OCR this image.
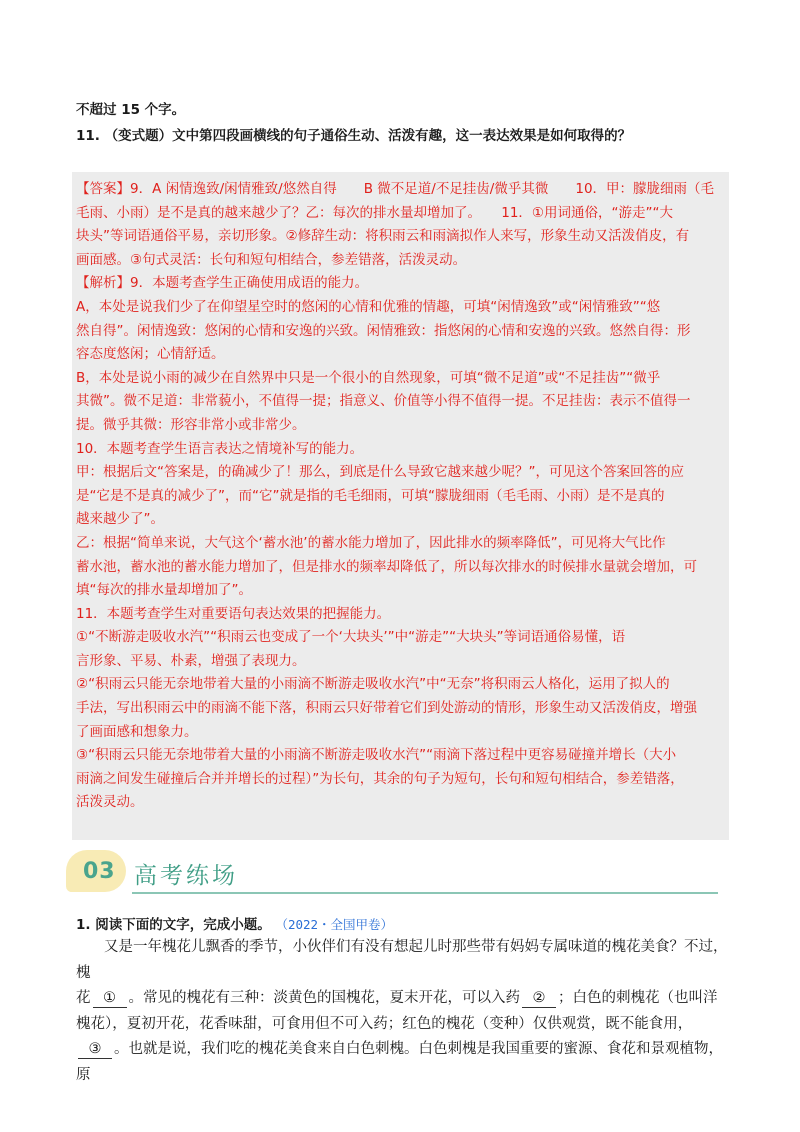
不超过 15 个字。
11. （变式题）文中第四段画横线的句子通俗生动、活泼有趣，这一表达效果是如何取得的？

【答案】9．A 闲情逸致/闲情雅致/悠然自得　　B 微不足道/不足挂齿/微乎其微　　10．甲：朦胧细雨（毛

毛雨、小雨）是不是真的越来越少了？乙：每次的排水量却增加了。　　11．①用词通俗，“游走”“大

块头”等词语通俗平易，亲切形象。②修辞生动：将积雨云和雨滴拟作人来写，形象生动又活泼俏皮，有

画面感。③句式灵活：长句和短句相结合，参差错落，活泼灵动。

【解析】9．本题考查学生正确使用成语的能力。

A，本处是说我们少了在仰望星空时的悠闲的心情和优雅的情趣，可填“闲情逸致”或“闲情雅致”“悠

然自得”。闲情逸致：悠闲的心情和安逸的兴致。闲情雅致：指悠闲的心情和安逸的兴致。悠然自得：形

容态度悠闲；心情舒适。

B，本处是说小雨的减少在自然界中只是一个很小的自然现象，可填“微不足道”或“不足挂齿”“微乎

其微”。微不足道：非常藐小，不值得一提；指意义、价值等小得不值得一提。不足挂齿：表示不值得一

提。微乎其微：形容非常小或非常少。

10．本题考查学生语言表达之情境补写的能力。

甲：根据后文“答案是，的确减少了！那么，到底是什么导致它越来越少呢？”，可见这个答案回答的应

是“它是不是真的减少了”，而“它”就是指的毛毛细雨，可填“朦胧细雨（毛毛雨、小雨）是不是真的

越来越少了”。

乙：根据“简单来说，大气这个‘蓄水池’的蓄水能力增加了，因此排水的频率降低”，可见将大气比作

蓄水池，蓄水池的蓄水能力增加了，但是排水的频率却降低了，所以每次排水的时候排水量就会增加，可

填“每次的排水量却增加了”。

11．本题考查学生对重要语句表达效果的把握能力。

①“不断游走吸收水汽”“积雨云也变成了一个‘大块头’”中“游走”“大块头”等词语通俗易懂，语

言形象、平易、朴素，增强了表现力。

②“积雨云只能无奈地带着大量的小雨滴不断游走吸收水汽”中“无奈”将积雨云人格化，运用了拟人的

手法，写出积雨云中的雨滴不能下落，积雨云只好带着它们到处游动的情形，形象生动又活泼俏皮，增强

了画面感和想象力。

③“积雨云只能无奈地带着大量的小雨滴不断游走吸收水汽”“雨滴下落过程中更容易碰撞并增长（大小

雨滴之间发生碰撞后合并并增长的过程）”为长句，其余的句子为短句，长句和短句相结合，参差错落，

活泼灵动。

03 高考练场
1. 阅读下面的文字，完成小题。 （2022・全国甲卷）

又是一年槐花儿飘香的季节，小伙伴们有没有想起儿时那些带有妈妈专属味道的槐花美食？不过，槐

花 ① 。常见的槐花有三种：淡黄色的国槐花，夏末开花，可以入药 ② ；白色的刺槐花（也叫洋

槐花），夏初开花，花香味甜，可食用但不可入药；红色的槐花（变种）仅供观赏，既不能食用，

③ 。也就是说，我们吃的槐花美食来自白色刺槐。白色刺槐是我国重要的蜜源、食花和景观植物，原
